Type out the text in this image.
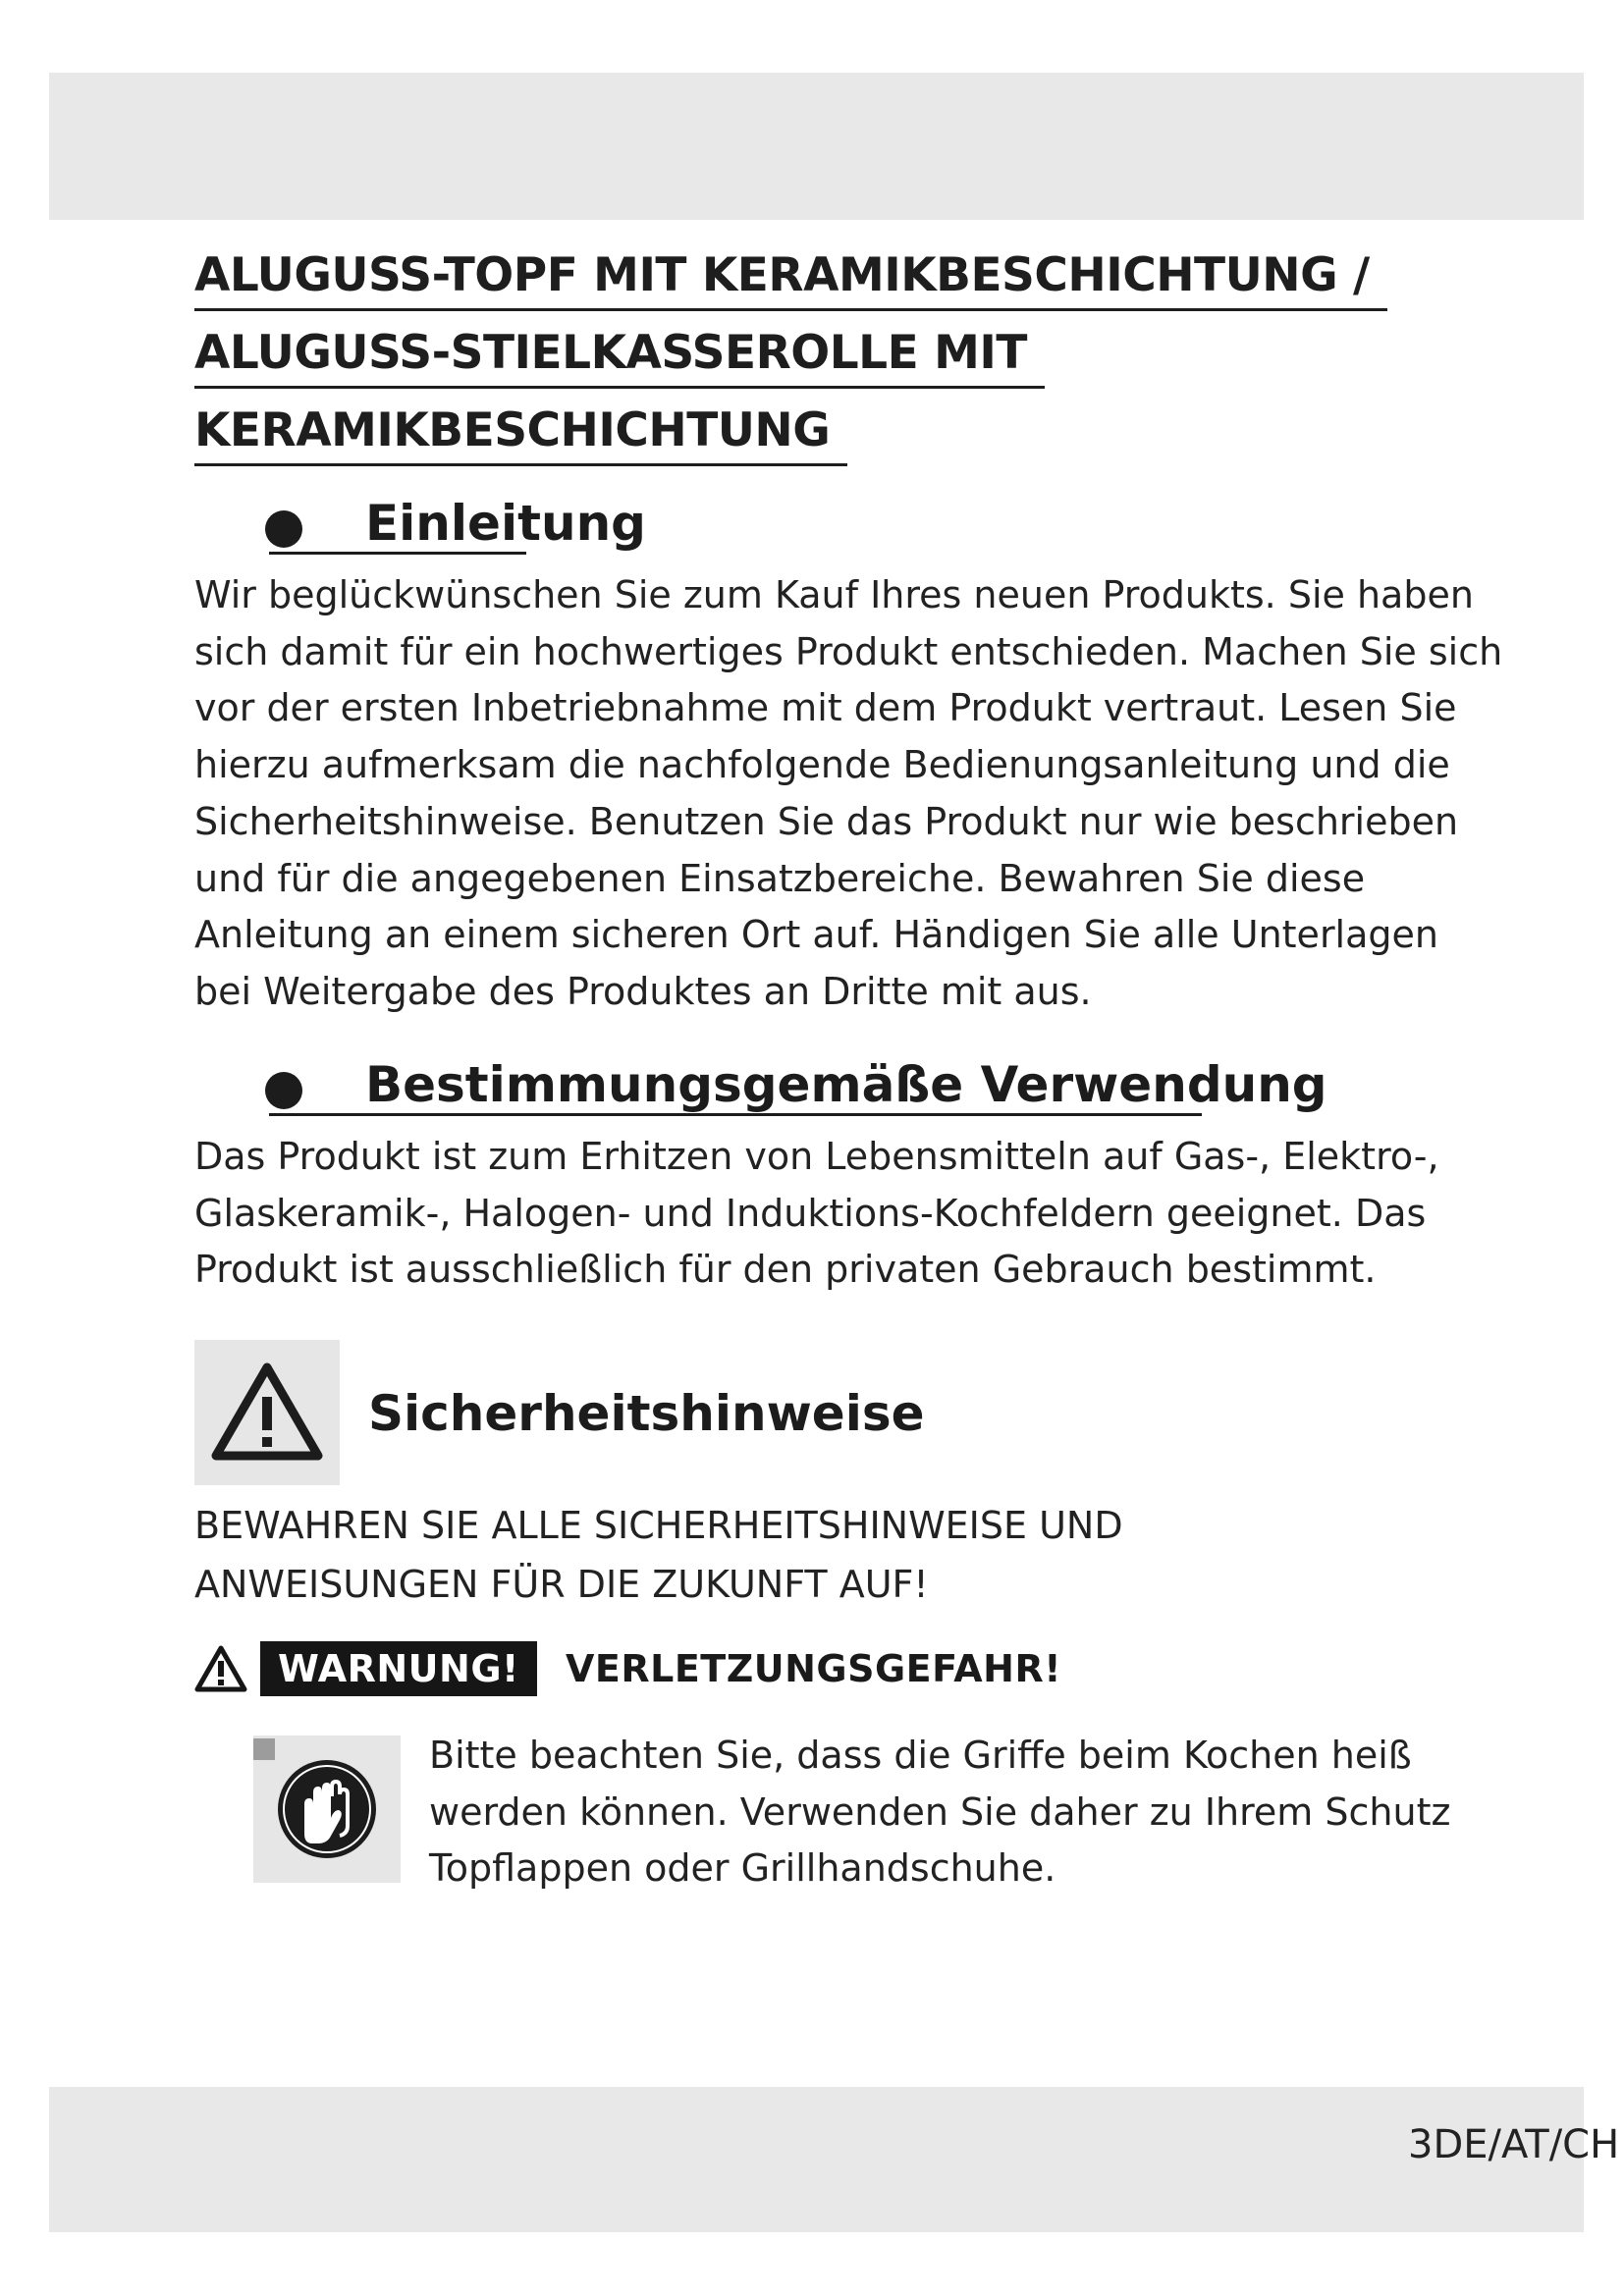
ALUGUSS-TOPF MIT KERAMIKBESCHICHTUNG /
ALUGUSS-STIELKASSEROLLE MIT
KERAMIKBESCHICHTUNG
Einleitung

Wir beglückwünschen Sie zum Kauf Ihres neuen Produkts. Sie haben
sich damit für ein hochwertiges Produkt entschieden. Machen Sie sich
vor der ersten Inbetriebnahme mit dem Produkt vertraut. Lesen Sie
hierzu aufmerksam die nachfolgende Bedienungsanleitung und die
Sicherheitshinweise. Benutzen Sie das Produkt nur wie beschrieben
und für die angegebenen Einsatzbereiche. Bewahren Sie diese
Anleitung an einem sicheren Ort auf. Händigen Sie alle Unterlagen
bei Weitergabe des Produktes an Dritte mit aus.

Bestimmungsgemäße Verwendung

Das Produkt ist zum Erhitzen von Lebensmitteln auf Gas-, Elektro-,
Glaskeramik-, Halogen- und Induktions-Kochfeldern geeignet. Das
Produkt ist ausschließlich für den privaten Gebrauch bestimmt.

Sicherheitshinweise

BEWAHREN SIE ALLE SICHERHEITSHINWEISE UND
ANWEISUNGEN FÜR DIE ZUKUNFT AUF!

WARNUNG!	VERLETZUNGSGEFAHR!

Bitte beachten Sie, dass die Griffe beim Kochen heiß
werden können. Verwenden Sie daher zu Ihrem Schutz
Topflappen oder Grillhandschuhe.

3DE/AT/CH
